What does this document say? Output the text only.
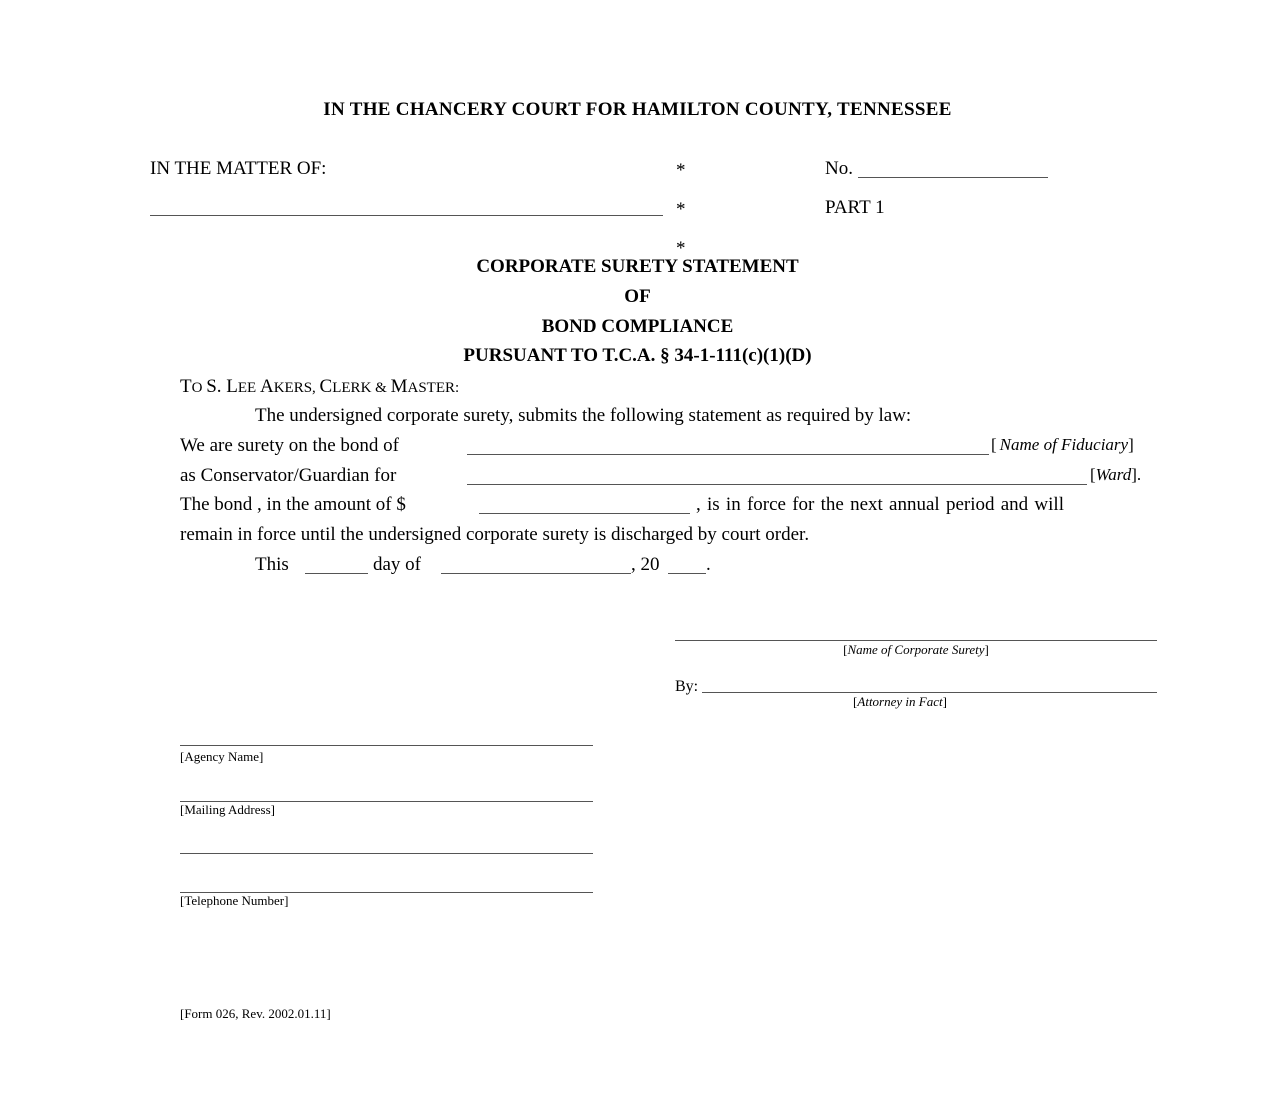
IN THE CHANCERY COURT FOR HAMILTON COUNTY, TENNESSEE
IN THE MATTER OF:	*	No.
*	PART 1
*
CORPORATE SURETY STATEMENT
OF
BOND COMPLIANCE
PURSUANT TO T.C.A. § 34-1-111(c)(1)(D)
TO S. LEE AKERS, CLERK & MASTER:
The undersigned corporate surety, submits the following statement as required by law:
We are surety on the bond of	[ Name of Fiduciary]
as Conservator/Guardian for	[Ward].
The bond , in the amount of $	, is in force for the next annual period and will
remain in force until the undersigned corporate surety is discharged by court order.
This	day of	, 20 .
[Name of Corporate Surety]
By:
[Attorney in Fact]
[Agency Name]
[Mailing Address]
[Telephone Number]
[Form 026, Rev. 2002.01.11]
